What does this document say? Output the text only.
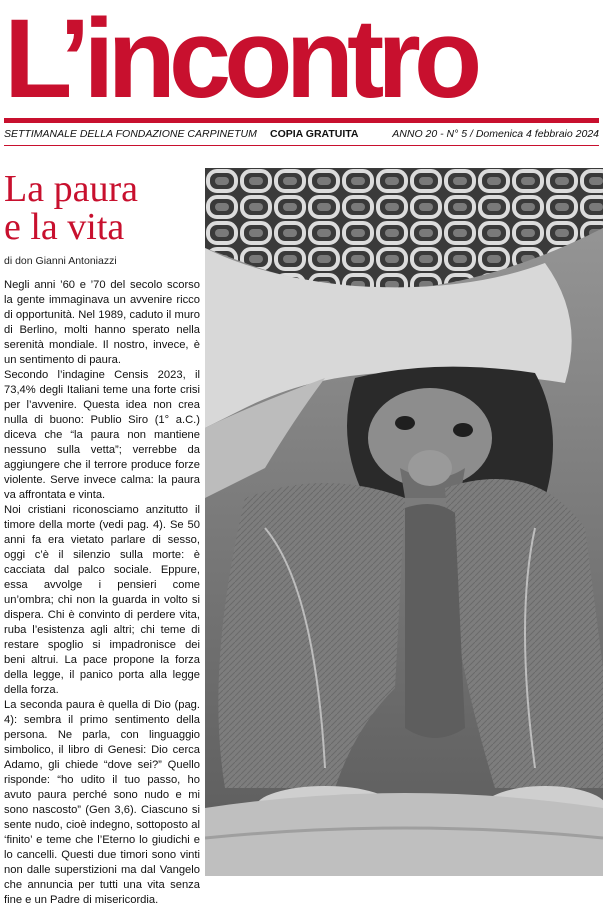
L’incontro
SETTIMANALE DELLA FONDAZIONE CARPINETUM COPIA GRATUITA	ANNO 20 - N° 5 / Domenica 4 febbraio 2024
La paura
e la vita
di don Gianni Antoniazzi

Negli anni ’60 e ’70 del secolo scorso la gente immaginava un avvenire ricco di opportunità. Nel 1989, caduto il muro di Berlino, molti hanno sperato nella serenità mondiale. Il nostro, invece, è un sentimento di paura.

Secondo l’indagine Censis 2023, il 73,4% degli Italiani teme una forte crisi per l’avvenire. Questa idea non crea nulla di buono: Publio Siro (1° a.C.) diceva che “la paura non mantiene nessuno sulla vetta”; verrebbe da aggiungere che il terrore produce forze violente. Serve invece calma: la paura va affrontata e vinta.

Noi cristiani riconosciamo anzitutto il timore della morte (vedi pag. 4). Se 50 anni fa era vietato parlare di sesso, oggi c’è il silenzio sulla morte: è cacciata dal palco sociale. Eppure, essa avvolge i pensieri come un’ombra; chi non la guarda in volto si dispera. Chi è convinto di perdere vita, ruba l’esistenza agli altri; chi teme di restare spoglio si impadronisce dei beni altrui. La pace propone la forza della legge, il panico porta alla legge della forza.

La seconda paura è quella di Dio (pag. 4): sembra il primo sentimento della persona. Ne parla, con linguaggio simbolico, il libro di Genesi: Dio cerca Adamo, gli chiede “dove sei?” Quello risponde: “ho udito il tuo passo, ho avuto paura perché sono nudo e mi sono nascosto” (Gen 3,6). Ciascuno si sente nudo, cioè indegno, sottoposto al ‘finito’ e teme che l’Eterno lo giudichi e lo cancelli. Questi due timori sono vinti non dalle superstizioni ma dal Vangelo che annuncia per tutti una vita senza fine e un Padre di misericordia.
